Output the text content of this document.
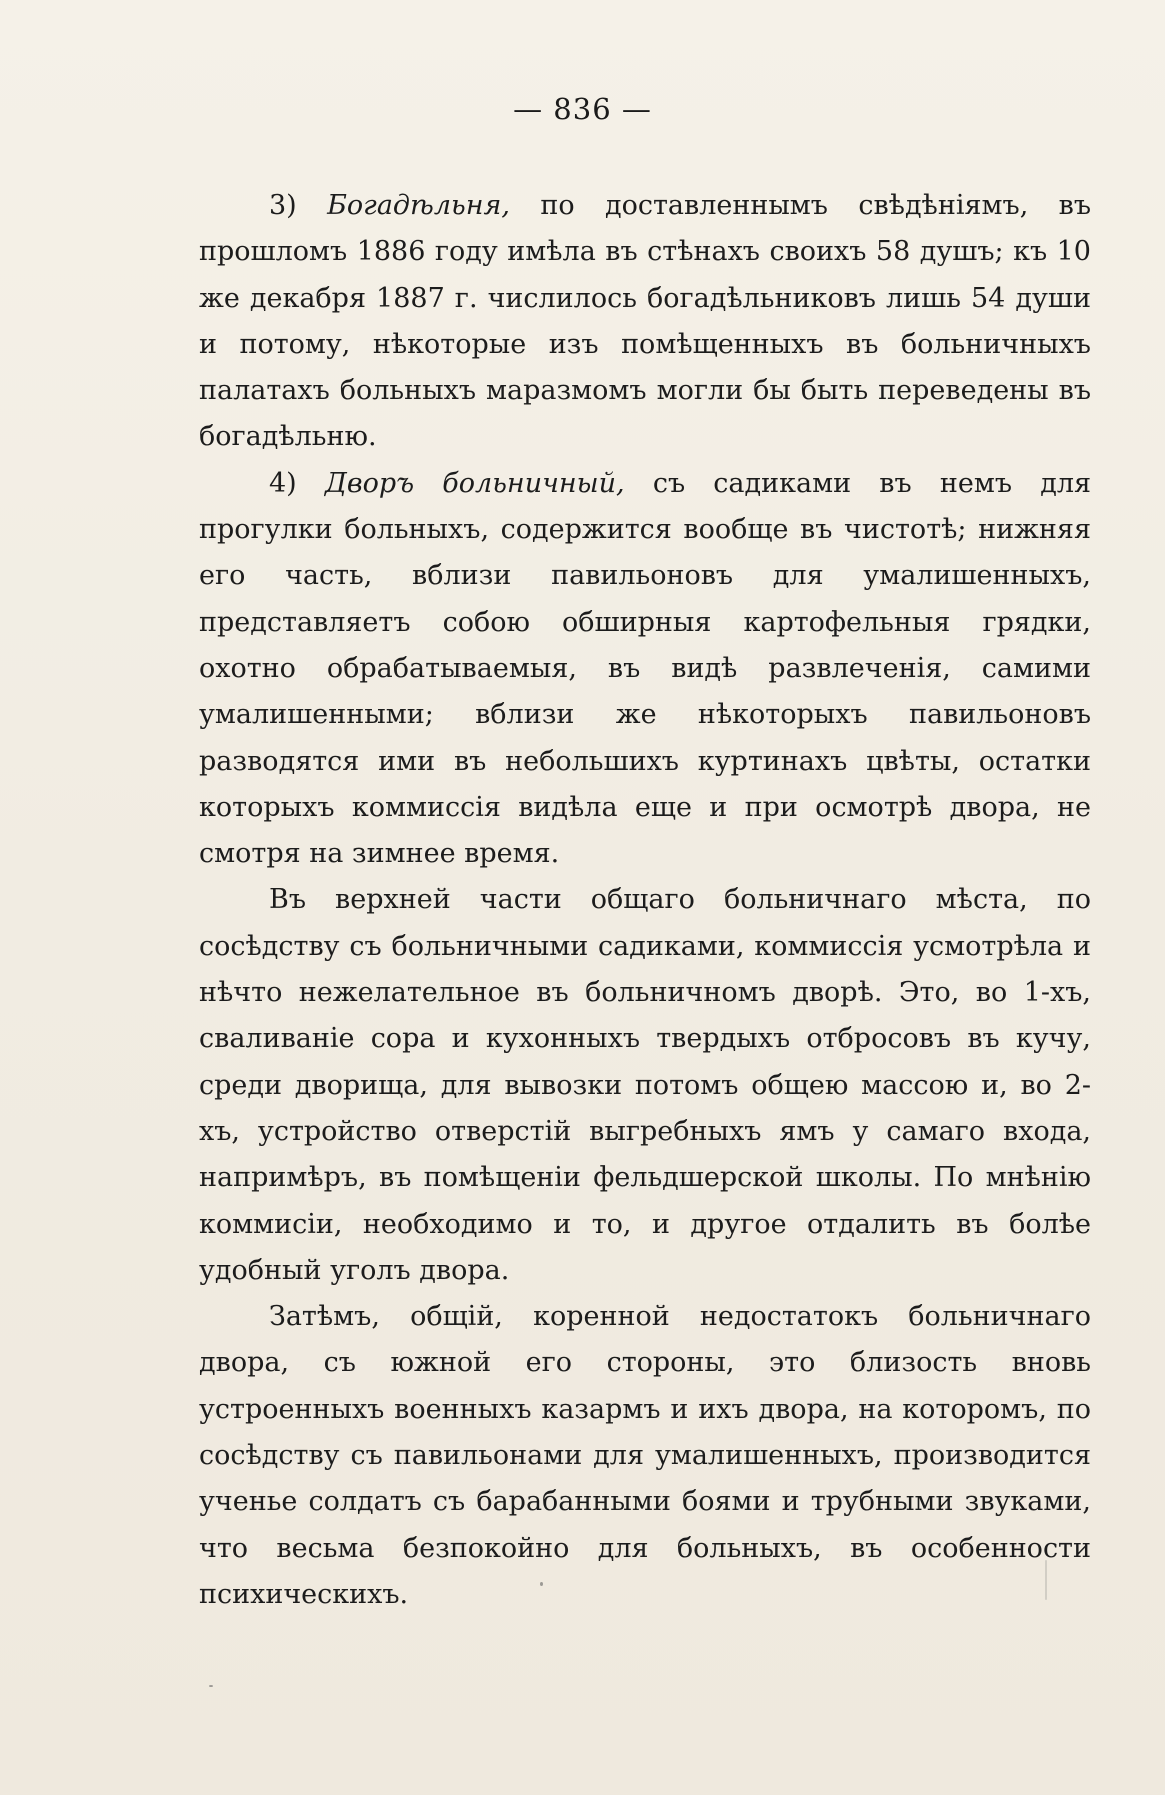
— 836 —

3) Богадѣльня, по доставленнымъ свѣдѣніямъ, въ прошломъ 1886 году имѣла въ стѣнахъ своихъ 58 душъ; къ 10 же декабря 1887 г. числилось богадѣльниковъ лишь 54 души и потому, нѣкоторые изъ помѣщенныхъ въ больничныхъ палатахъ больныхъ маразмомъ могли бы быть переведены въ богадѣльню.

4) Дворъ больничный, съ садиками въ немъ для прогулки больныхъ, содержится вообще въ чистотѣ; нижняя его часть, вблизи павильоновъ для умалишенныхъ, представляетъ собою обширныя картофельныя грядки, охотно обрабатываемыя, въ видѣ развлеченія, самими умалишенными; вблизи же нѣкоторыхъ павильоновъ разводятся ими въ небольшихъ куртинахъ цвѣты, остатки которыхъ коммиссія видѣла еще и при осмотрѣ двора, не смотря на зимнее время.

Въ верхней части общаго больничнаго мѣста, по сосѣдству съ больничными садиками, коммиссія усмотрѣла и нѣчто нежелательное въ больничномъ дворѣ. Это, во 1-хъ, сваливаніе сора и кухонныхъ твердыхъ отбросовъ въ кучу, среди дворища, для вывозки потомъ общею массою и, во 2-хъ, устройство отверстій выгребныхъ ямъ у самаго входа, напримѣръ, въ помѣщеніи фельдшерской школы. По мнѣнію коммисіи, необходимо и то, и другое отдалить въ болѣе удобный уголъ двора.

Затѣмъ, общій, коренной недостатокъ больничнаго двора, съ южной его стороны, это близость вновь устроенныхъ военныхъ казармъ и ихъ двора, на которомъ, по сосѣдству съ павильонами для умалишенныхъ, производится ученье солдатъ съ барабанными боями и трубными звуками, что весьма безпокойно для больныхъ, въ особенности психическихъ.
